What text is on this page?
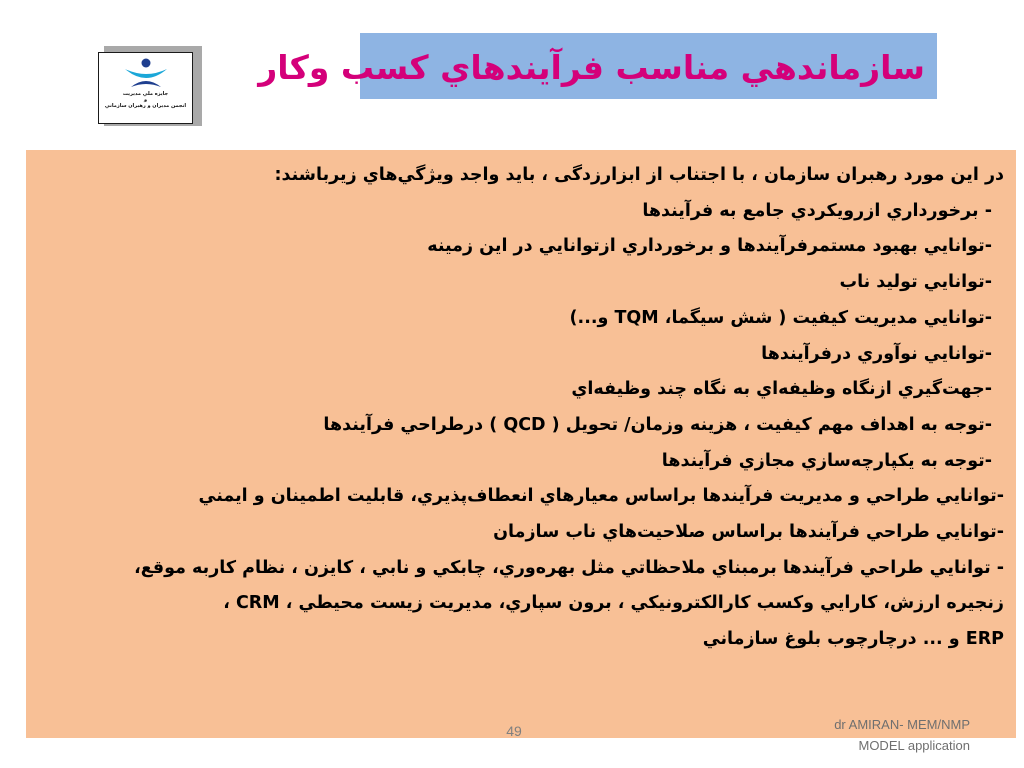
جايزه ملي مديريت
و
انجمن مديران و رهبران سازماني
سازماندهي مناسب فرآيندهاي كسب وكار
در اين مورد رهبران سازمان ، با اجتناب از ابزارزدگی ، بايد واجد ويژگي‌هاي زيرباشند:
- برخورداري ازرويكردي جامع به فرآيندها
-توانايي بهبود مستمرفرآيندها و برخورداري ازتوانايي در اين زمينه
-توانايي توليد ناب
-توانايي مديريت كيفيت ( شش سيگما، TQM و...)
-توانايي نوآوري درفرآيندها
-جهت‌گيري ازنگاه وظيفه‌اي به نگاه چند وظيفه‌اي
-توجه به اهداف مهم كيفيت ، هزينه وزمان/ تحويل ( QCD ) درطراحي فرآيندها
-توجه به يكپارچه‌سازي مجازي فرآيندها
-توانايي طراحي و مديريت فرآيندها براساس معيارهاي انعطاف‌پذيري، قابليت اطمينان و ايمني
-توانايي طراحي فرآيندها براساس صلاحيت‌هاي ناب سازمان
- توانايي طراحي فرآيندها برمبناي ملاحظاتي مثل بهره‌وري، چابكي و نابي ، كايزن ، نظام كاربه موقع،
زنجيره ارزش، كارايي وكسب كارالكترونيكي ، برون سپاري، مديريت زيست محيطي ، CRM ،
ERP و ... درچارچوب بلوغ سازماني
49	dr AMIRAN- MEM/NMP
MODEL application
